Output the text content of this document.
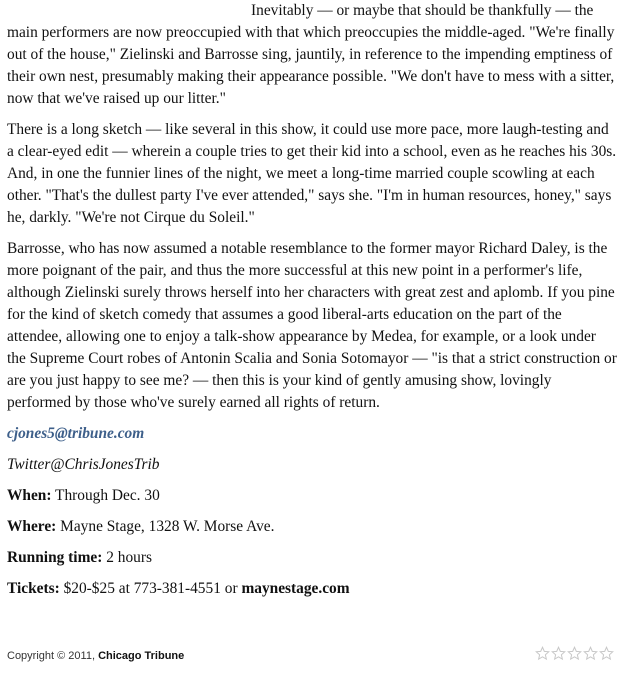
Inevitably — or maybe that should be thankfully — the main performers are now preoccupied with that which preoccupies the middle-aged. "We're finally out of the house," Zielinski and Barrosse sing, jauntily, in reference to the impending emptiness of their own nest, presumably making their appearance possible. "We don't have to mess with a sitter, now that we've raised up our litter."

There is a long sketch — like several in this show, it could use more pace, more laugh-testing and a clear-eyed edit — wherein a couple tries to get their kid into a school, even as he reaches his 30s. And, in one the funnier lines of the night, we meet a long-time married couple scowling at each other. "That's the dullest party I've ever attended," says she. "I'm in human resources, honey," says he, darkly. "We're not Cirque du Soleil."

Barrosse, who has now assumed a notable resemblance to the former mayor Richard Daley, is the more poignant of the pair, and thus the more successful at this new point in a performer's life, although Zielinski surely throws herself into her characters with great zest and aplomb. If you pine for the kind of sketch comedy that assumes a good liberal-arts education on the part of the attendee, allowing one to enjoy a talk-show appearance by Medea, for example, or a look under the Supreme Court robes of Antonin Scalia and Sonia Sotomayor — "is that a strict construction or are you just happy to see me? — then this is your kind of gently amusing show, lovingly performed by those who've surely earned all rights of return.

cjones5@tribune.com

Twitter@ChrisJonesTrib

When: Through Dec. 30

Where: Mayne Stage, 1328 W. Morse Ave.

Running time: 2 hours

Tickets: $20-$25 at 773-381-4551 or maynestage.com

Copyright © 2011, Chicago Tribune
